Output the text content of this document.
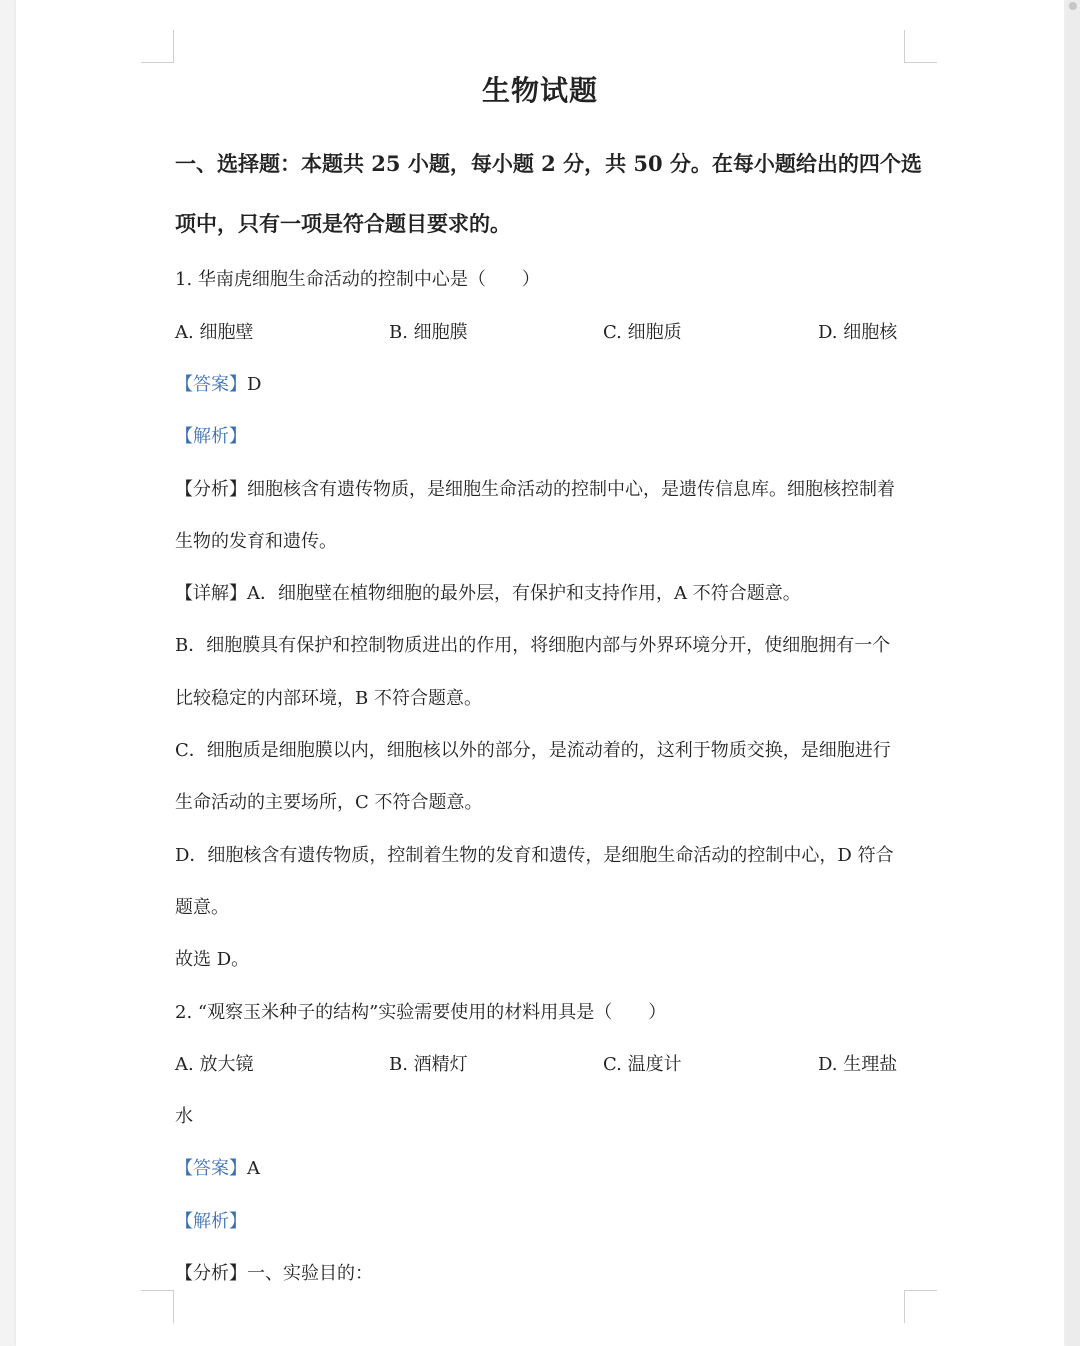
生物试题
一、选择题：本题共 25 小题，每小题 2 分，共 50 分。在每小题给出的四个选
项中，只有一项是符合题目要求的。
1. 华南虎细胞生命活动的控制中心是（　　）
A. 细胞壁	B. 细胞膜	C. 细胞质	D. 细胞核
【答案】D
【解析】
【分析】细胞核含有遗传物质，是细胞生命活动的控制中心，是遗传信息库。细胞核控制着
生物的发育和遗传。
【详解】A．细胞壁在植物细胞的最外层，有保护和支持作用，A 不符合题意。
B．细胞膜具有保护和控制物质进出的作用，将细胞内部与外界环境分开，使细胞拥有一个
比较稳定的内部环境，B 不符合题意。
C．细胞质是细胞膜以内，细胞核以外的部分，是流动着的，这利于物质交换，是细胞进行
生命活动的主要场所，C 不符合题意。
D．细胞核含有遗传物质，控制着生物的发育和遗传，是细胞生命活动的控制中心，D 符合
题意。
故选 D。
2. “观察玉米种子的结构”实验需要使用的材料用具是（　　）
A. 放大镜	B. 酒精灯	C. 温度计	D. 生理盐
水
【答案】A
【解析】
【分析】一、实验目的：
